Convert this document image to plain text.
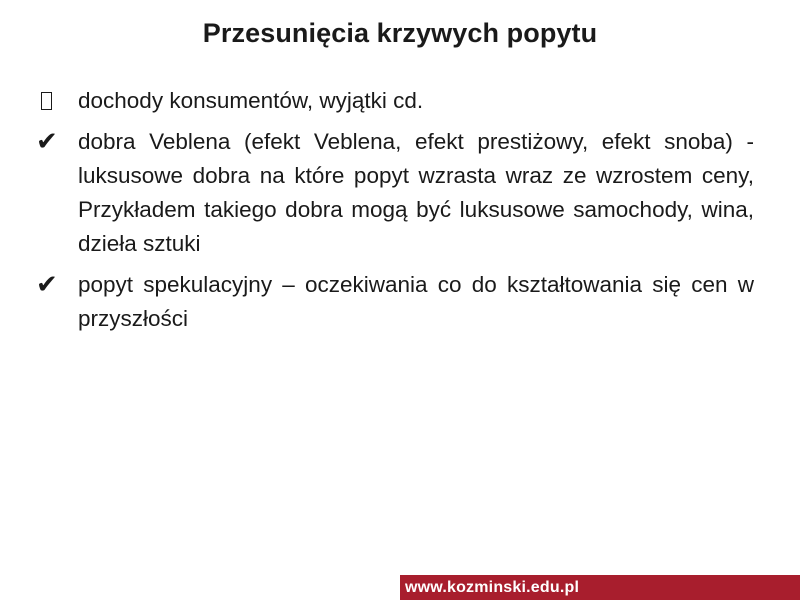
Przesunięcia krzywych popytu
dochody konsumentów, wyjątki cd.
✔ dobra Veblena (efekt Veblena, efekt prestiżowy, efekt snoba) - luksusowe dobra na które popyt wzrasta wraz ze wzrostem ceny, Przykładem takiego dobra mogą być luksusowe samochody, wina, dzieła sztuki
✔ popyt spekulacyjny – oczekiwania co do kształtowania się cen w przyszłości
www.kozminski.edu.pl
